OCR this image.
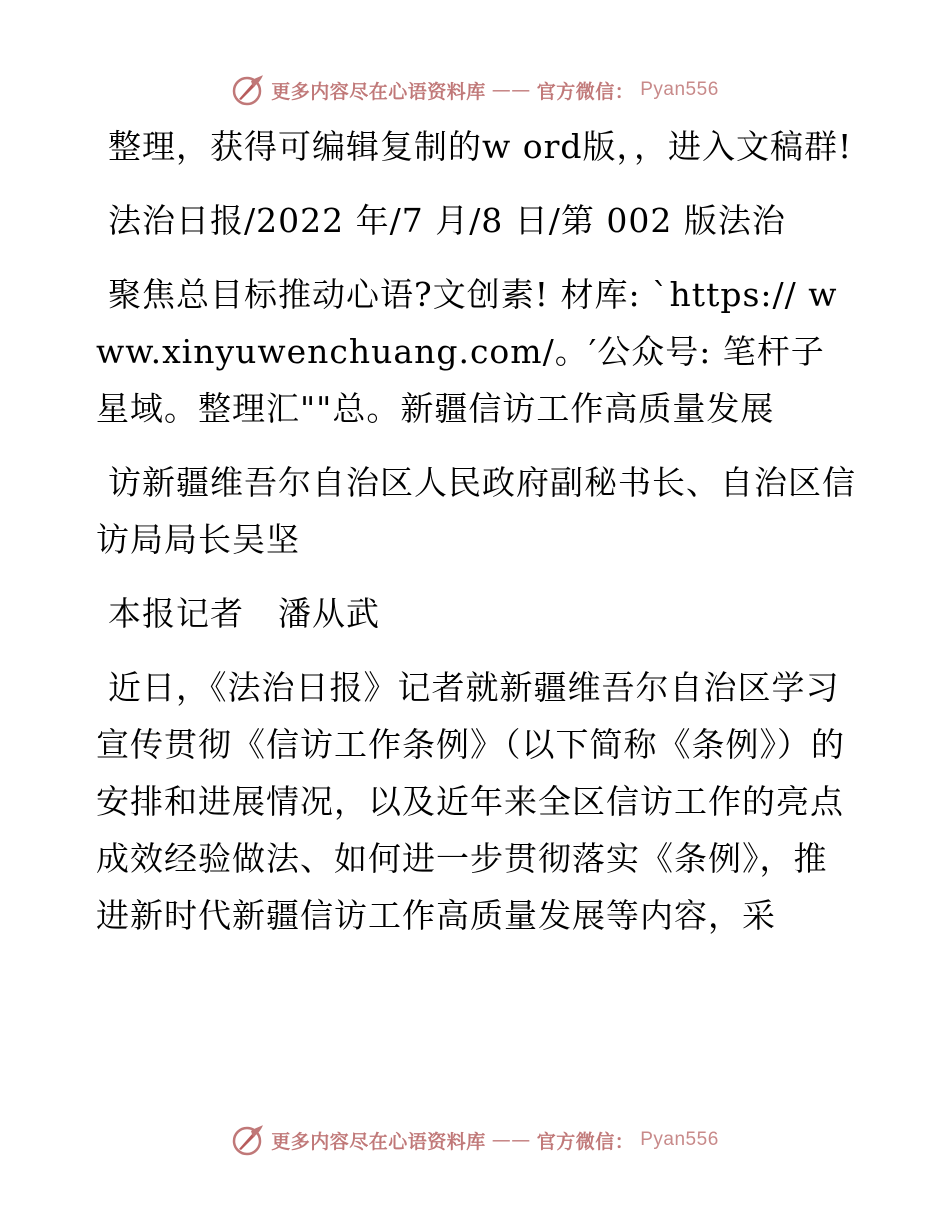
更多内容尽在心语资料库 —— 官方微信： Pyan556

整理，获得可编辑复制的w ord版，，进入文稿群!

法治日报/2022 年/7 月/8 日/第 002 版法治

聚焦总目标推动心语?文创素! 材库: `https:// www.xinyuwenchuang.com/。′公众号: 笔杆子星域。整理汇""总。新疆信访工作高质量发展

访新疆维吾尔自治区人民政府副秘书长、自治区信访局局长吴坚

本报记者　潘从武

近日，《法治日报》记者就新疆维吾尔自治区学习宣传贯彻《信访工作条例》（以下简称《条例》）的安排和进展情况，以及近年来全区信访工作的亮点成效经验做法、如何进一步贯彻落实《条例》，推进新时代新疆信访工作高质量发展等内容，采

更多内容尽在心语资料库 —— 官方微信： Pyan556
